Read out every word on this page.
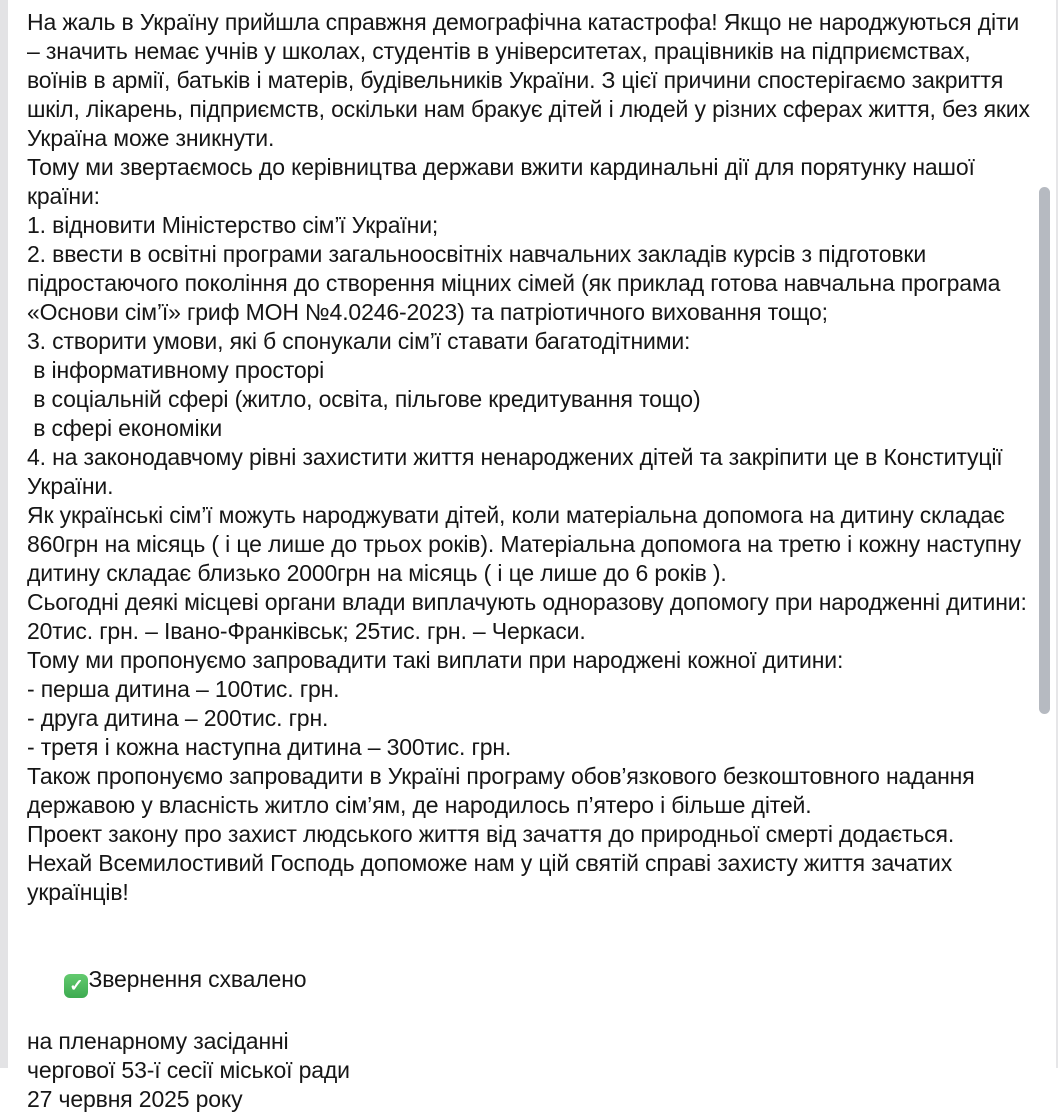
На жаль в Україну прийшла справжня демографічна катастрофа! Якщо не народжуються діти – значить немає учнів у школах, студентів в університетах, працівників на підприємствах, воїнів в армії, батьків і матерів, будівельників України. З цієї причини спостерігаємо закриття шкіл, лікарень, підприємств, оскільки нам бракує дітей і людей у різних сферах життя, без яких Україна може зникнути.
Тому ми звертаємось до керівництва держави вжити кардинальні дії для порятунку нашої країни:
1. відновити Міністерство сім’ї України;
2. ввести в освітні програми загальноосвітніх навчальних закладів курсів з підготовки підростаючого покоління до створення міцних сімей (як приклад готова навчальна програма «Основи сім’ї» гриф МОН №4.0246-2023) та патріотичного виховання тощо;
3. створити умови, які б спонукали сім’ї ставати багатодітними:
в інформативному просторі
в соціальній сфері (житло, освіта, пільгове кредитування тощо)
в сфері економіки
4. на законодавчому рівні захистити життя ненароджених дітей та закріпити це в Конституції України.
Як українські сім’ї можуть народжувати дітей, коли матеріальна допомога на дитину складає 860грн на місяць ( і це лише до трьох років). Матеріальна допомога на третю і кожну наступну дитину складає близько 2000грн на місяць ( і це лише до 6 років ).
Сьогодні деякі місцеві органи влади виплачують одноразову допомогу при народженні дитини: 20тис. грн. – Івано-Франківськ; 25тис. грн. – Черкаси.
Тому ми пропонуємо запровадити такі виплати при народжені кожної дитини:
- перша дитина – 100тис. грн.
- друга дитина – 200тис. грн.
- третя і кожна наступна дитина – 300тис. грн.
Також пропонуємо запровадити в Україні програму обов’язкового безкоштовного надання державою у власність житло сім’ям, де народилось п’ятеро і більше дітей.
Проект закону про захист людського життя від зачаття до природньої смерті додається.
Нехай Всемилостивий Господь допоможе нам у цій святій справі захисту життя зачатих українців!

✓ Звернення схвалено

на пленарному засіданні
чергової 53-ї сесії міської ради
27 червня 2025 року
